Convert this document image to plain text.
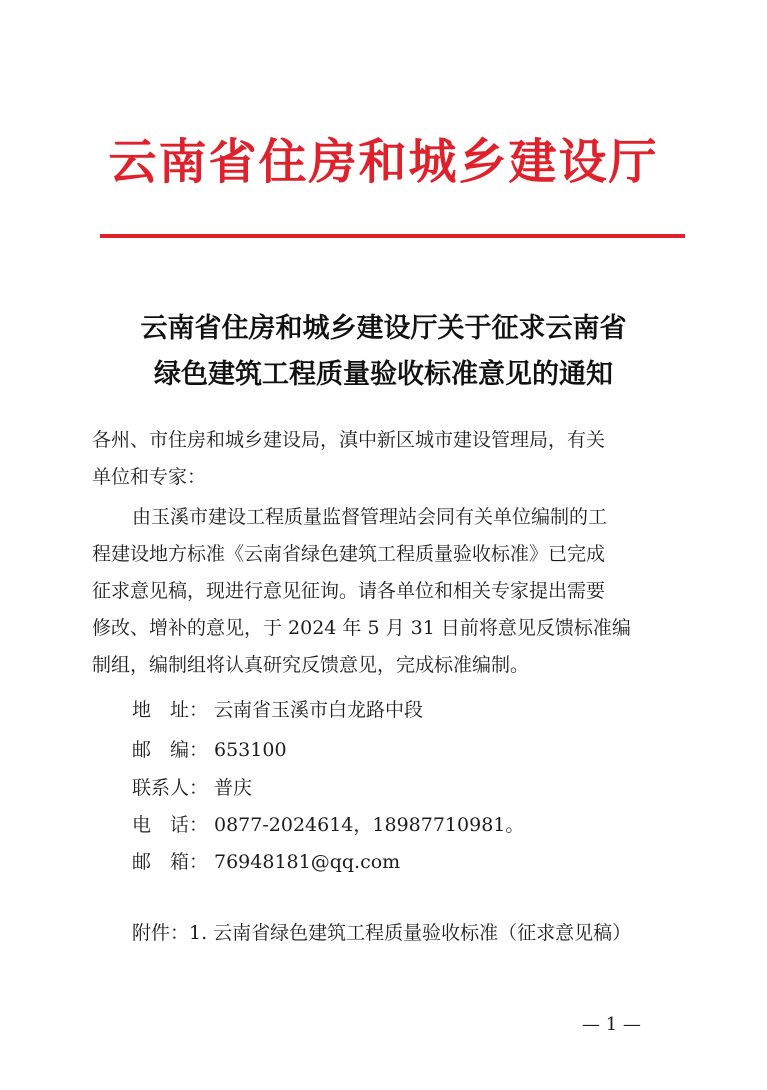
云南省住房和城乡建设厅
云南省住房和城乡建设厅关于征求云南省
绿色建筑工程质量验收标准意见的通知
各州、市住房和城乡建设局，滇中新区城市建设管理局，有关
单位和专家：
由玉溪市建设工程质量监督管理站会同有关单位编制的工
程建设地方标准《云南省绿色建筑工程质量验收标准》已完成
征求意见稿，现进行意见征询。请各单位和相关专家提出需要
修改、增补的意见，于 2024 年 5 月 31 日前将意见反馈标准编
制组，编制组将认真研究反馈意见，完成标准编制。
地　址： 云南省玉溪市白龙路中段
邮　编： 653100
联系人： 普庆
电　话： 0877-2024614，18987710981。
邮　箱： 76948181@qq.com
附件：1. 云南省绿色建筑工程质量验收标准（征求意见稿）
— 1 —
